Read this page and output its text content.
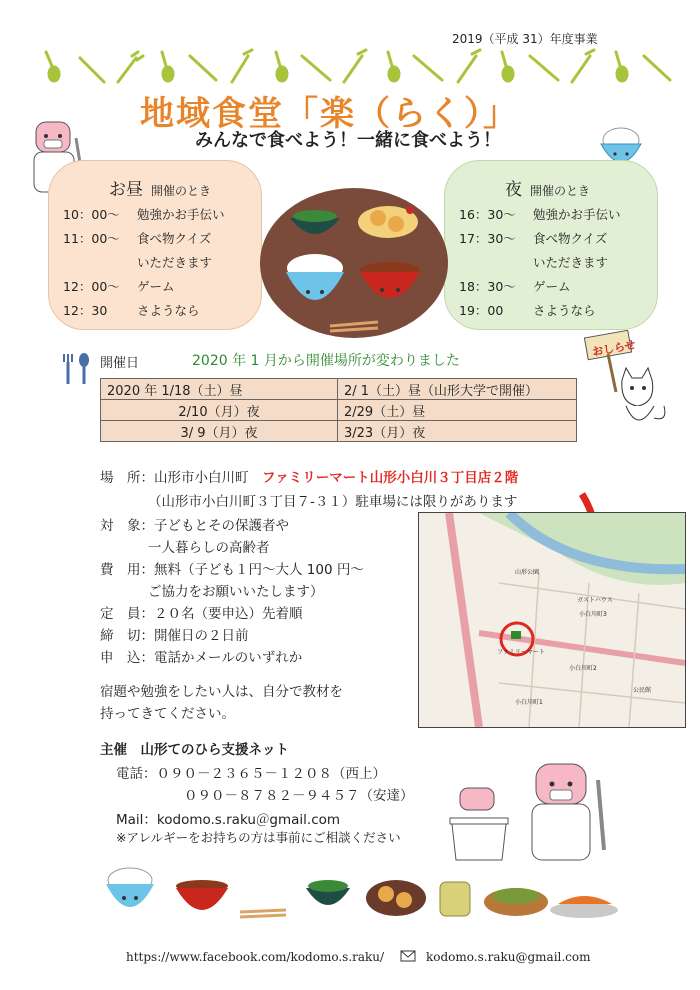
2019（平成 31）年度事業
地域食堂「楽（らく）」
みんなで食べよう！一緒に食べよう！
お昼 開催のとき
10：00～ 勉強かお手伝い
11：00～ 食べ物クイズ
いただきます
12：00～ ゲーム
12：30 さようなら
夜 開催のとき
16：30～ 勉強かお手伝い
17：30～ 食べ物クイズ
いただきます
18：30～ ゲーム
19：00 さようなら
おしらせ
開催日	2020 年 1 月から開催場所が変わりました
2020 年 1/18（土）昼	2/ 1（土）昼（山形大学で開催）
2/10（月）夜	2/29（土）昼
3/ 9（月）夜	3/23（月）夜
場　所：山形市小白川町　 ファミリーマート山形小白川３丁目店２階
（山形市小白川町３丁目７-３１）駐車場には限りがあります
対　象：子どもとその保護者や
一人暮らしの高齢者
費　用：無料（子ども１円～大人 100 円～
ご協力をお願いいたします）
定　員：２０名（要申込）先着順
締　切：開催日の２日前
申　込：電話かメールのいずれか
宿題や勉強をしたい人は、自分で教材を
持ってきてください。
山形公園
ガストハウス
小白川町3
小白川町2
小白川町1
公民館
ファミリーマート
主催　山形てのひら支援ネット
電話：０９０－２３６５－１２０８（西上）
０９０－８７８２－９４５７（安達）
Mail：kodomo.s.raku＠gmail.com
※アレルギーをお持ちの方は事前にご相談ください
https://www.facebook.com/kodomo.s.raku/	kodomo.s.raku@gmail.com
